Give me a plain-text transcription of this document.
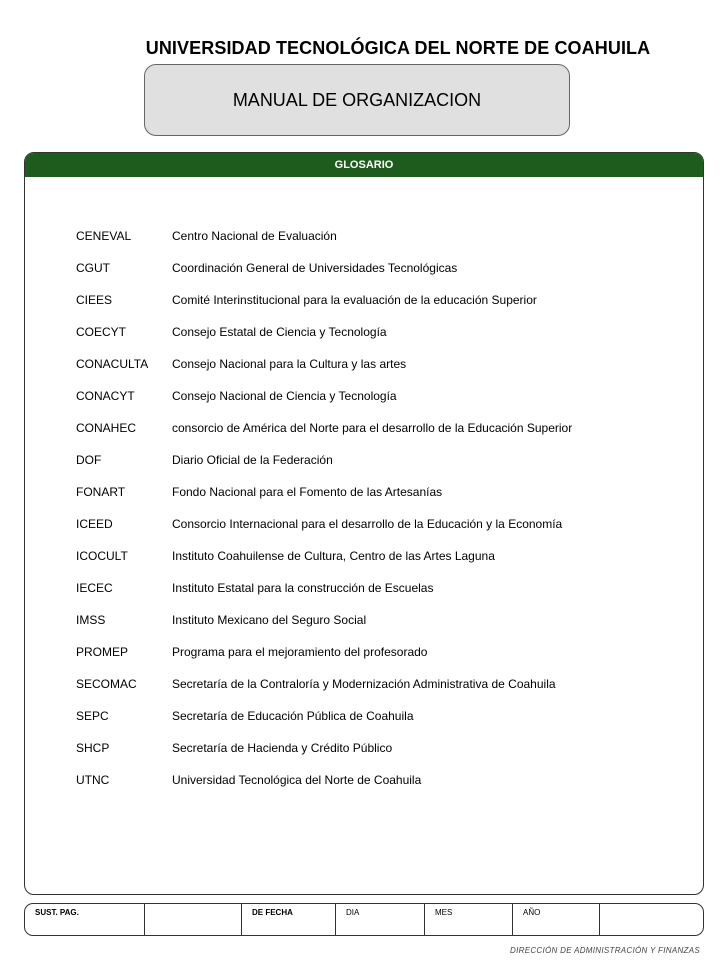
UNIVERSIDAD TECNOLÓGICA DEL NORTE DE COAHUILA
MANUAL DE ORGANIZACION
GLOSARIO
CENEVAL	Centro Nacional de Evaluación
CGUT	Coordinación General de Universidades Tecnológicas
CIEES	Comité Interinstitucional para la evaluación de la educación Superior
COECYT	Consejo Estatal de Ciencia y Tecnología
CONACULTA	Consejo Nacional para la Cultura y las artes
CONACYT	Consejo Nacional de Ciencia y Tecnología
CONAHEC	consorcio de América del Norte para el desarrollo de la Educación Superior
DOF	Diario Oficial de la Federación
FONART	Fondo Nacional para el Fomento de las Artesanías
ICEED	Consorcio Internacional para el desarrollo de la Educación y la Economía
ICOCULT	Instituto Coahuilense de Cultura, Centro de las Artes Laguna
IECEC	Instituto Estatal para la construcción de Escuelas
IMSS	Instituto Mexicano del Seguro Social
PROMEP	Programa para el mejoramiento del profesorado
SECOMAC	Secretaría de la Contraloría y Modernización Administrativa de Coahuila
SEPC	Secretaría de Educación Pública de Coahuila
SHCP	Secretaría de Hacienda y Crédito Público
UTNC	Universidad Tecnológica del Norte de Coahuila
SUST. PAG.	DE FECHA	DIA	MES	AÑO
DIRECCIÓN DE ADMINISTRACIÓN Y FINANZAS
